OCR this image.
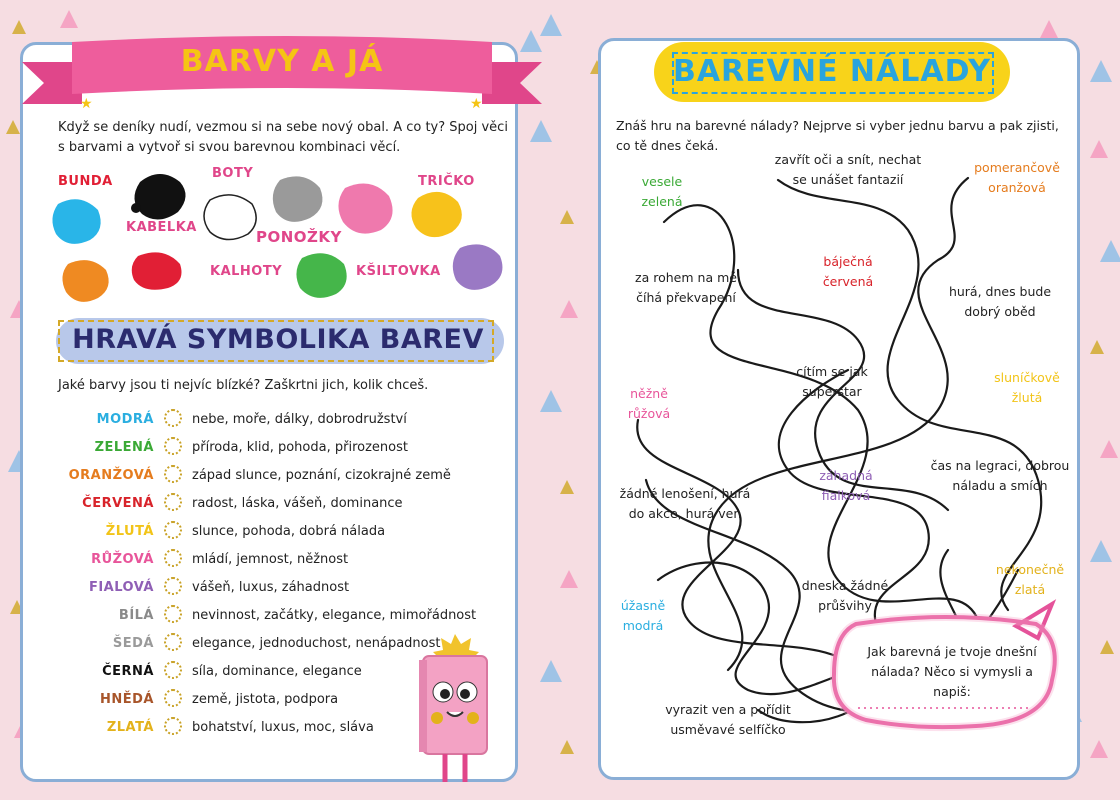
★	★
BARVY A JÁ
Když se deníky nudí, vezmou si na sebe nový obal. A co ty? Spoj věci
s barvami a vytvoř si svou barevnou kombinaci věcí.
BUNDA
BOTY
TRIČKO
KABELKA
PONOŽKY
KALHOTY	KŠILTOVKA
HRAVÁ SYMBOLIKA BAREV
Jaké barvy jsou ti nejvíc blízké? Zaškrtni jich, kolik chceš.
MODRÁ	nebe, moře, dálky, dobrodružství
ZELENÁ	příroda, klid, pohoda, přirozenost
ORANŽOVÁ	západ slunce, poznání, cizokrajné země
ČERVENÁ	radost, láska, vášeň, dominance
ŽLUTÁ	slunce, pohoda, dobrá nálada
RŮŽOVÁ	mládí, jemnost, něžnost
FIALOVÁ	vášeň, luxus, záhadnost
BÍLÁ	nevinnost, začátky, elegance, mimořádnost
ŠEDÁ	elegance, jednoduchost, nenápadnost
ČERNÁ	síla, dominance, elegance
HNĚDÁ	země, jistota, podpora
ZLATÁ	bohatství, luxus, moc, sláva
BAREVNÉ NÁLADY
Znáš hru na barevné nálady? Nejprve si vyber jednu barvu a pak zjisti,
co tě dnes čeká.
zavřít oči a snít, nechat
se unášet fantazií
za rohem na mě
číhá překvapení	hurá, dnes bude
dobrý oběd
cítím se jak
superstar
čas na legraci, dobrou
náladu a smích
žádné lenošení, hurá
do akce, hurá ven
dneska žádné
průšvihy
vyrazit ven a pořídit
usměvavé selfíčko
vesele
zelená
pomerančově
oranžová
báječná
červená
sluníčkově
žlutá
něžně
růžová
záhadná
fialková
nekonečně
zlatá
úžasně
modrá
Jak barevná je tvoje dnešní
nálada? Něco si vymysli a napiš:
